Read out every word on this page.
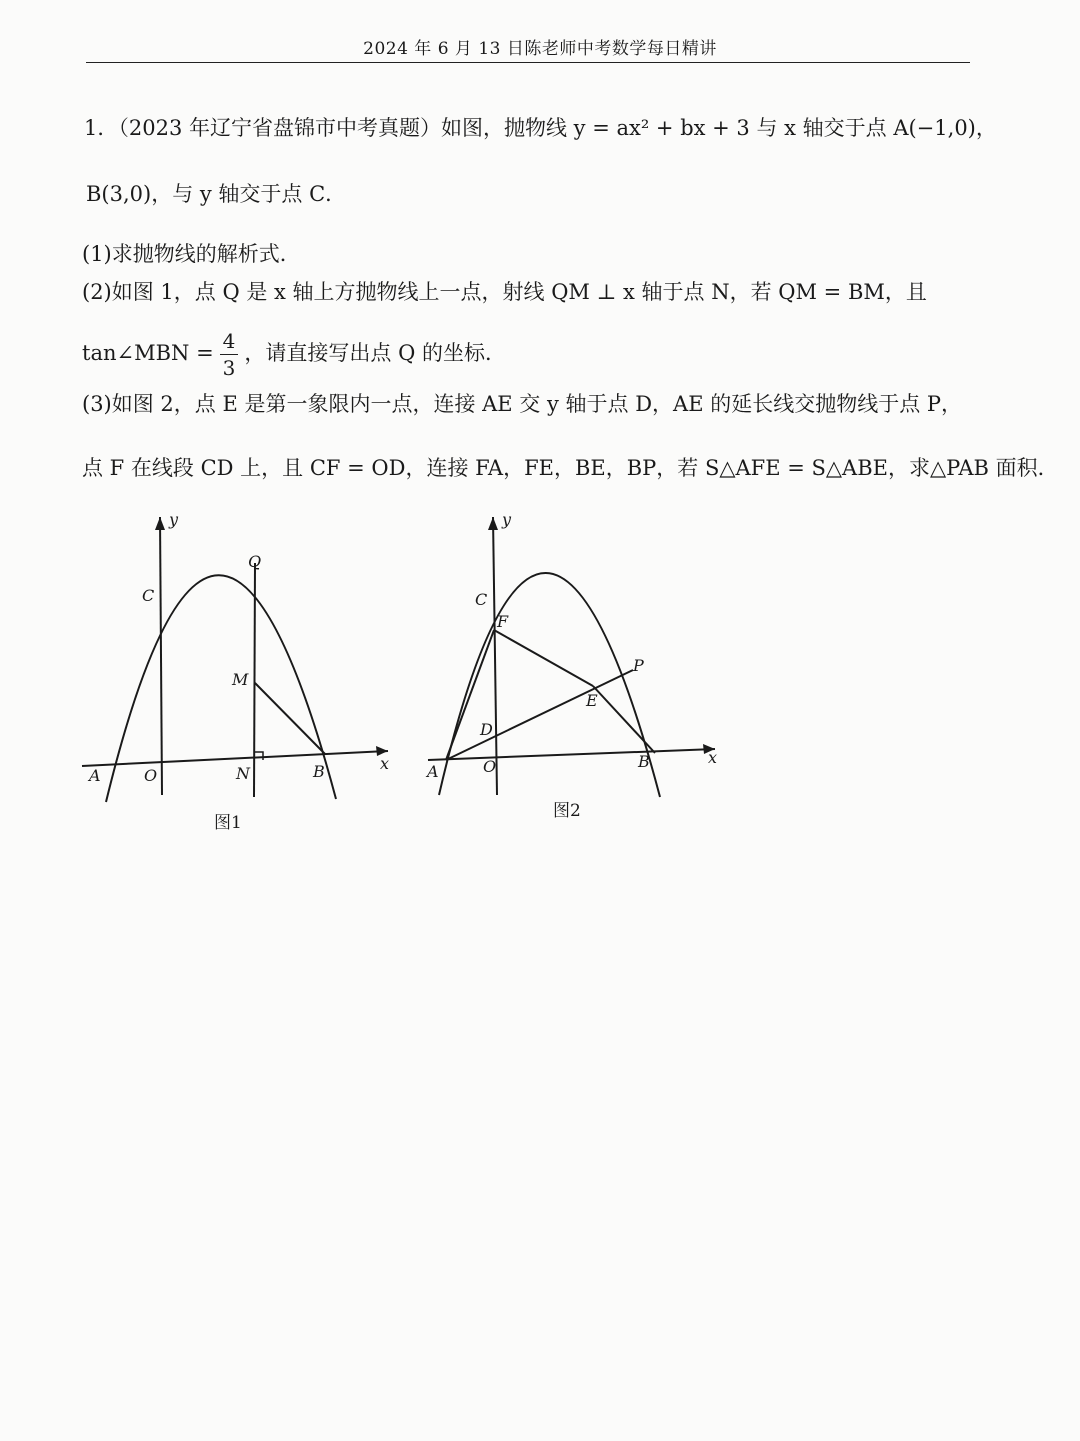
2024 年 6 月 13 日陈老师中考数学每日精讲
1．（2023 年辽宁省盘锦市中考真题）如图，抛物线 y = ax² + bx + 3 与 x 轴交于点 A(−1,0)，
B(3,0)，与 y 轴交于点 C．
(1)求抛物线的解析式．
(2)如图 1，点 Q 是 x 轴上方抛物线上一点，射线 QM ⊥ x 轴于点 N，若 QM = BM，且
tan∠MBN = $\frac{4}{3}$ ，请直接写出点 Q 的坐标．
(3)如图 2，点 E 是第一象限内一点，连接 AE 交 y 轴于点 D，AE 的延长线交抛物线于点 P，
点 F 在线段 CD 上，且 CF = OD，连接 FA，FE，BE，BP，若 S△AFE = S△ABE，求△PAB 面积．
y
x
A	O	N	B
C
Q
M
图1
y
x
A	O	B
C
F
D
E
P
图2
